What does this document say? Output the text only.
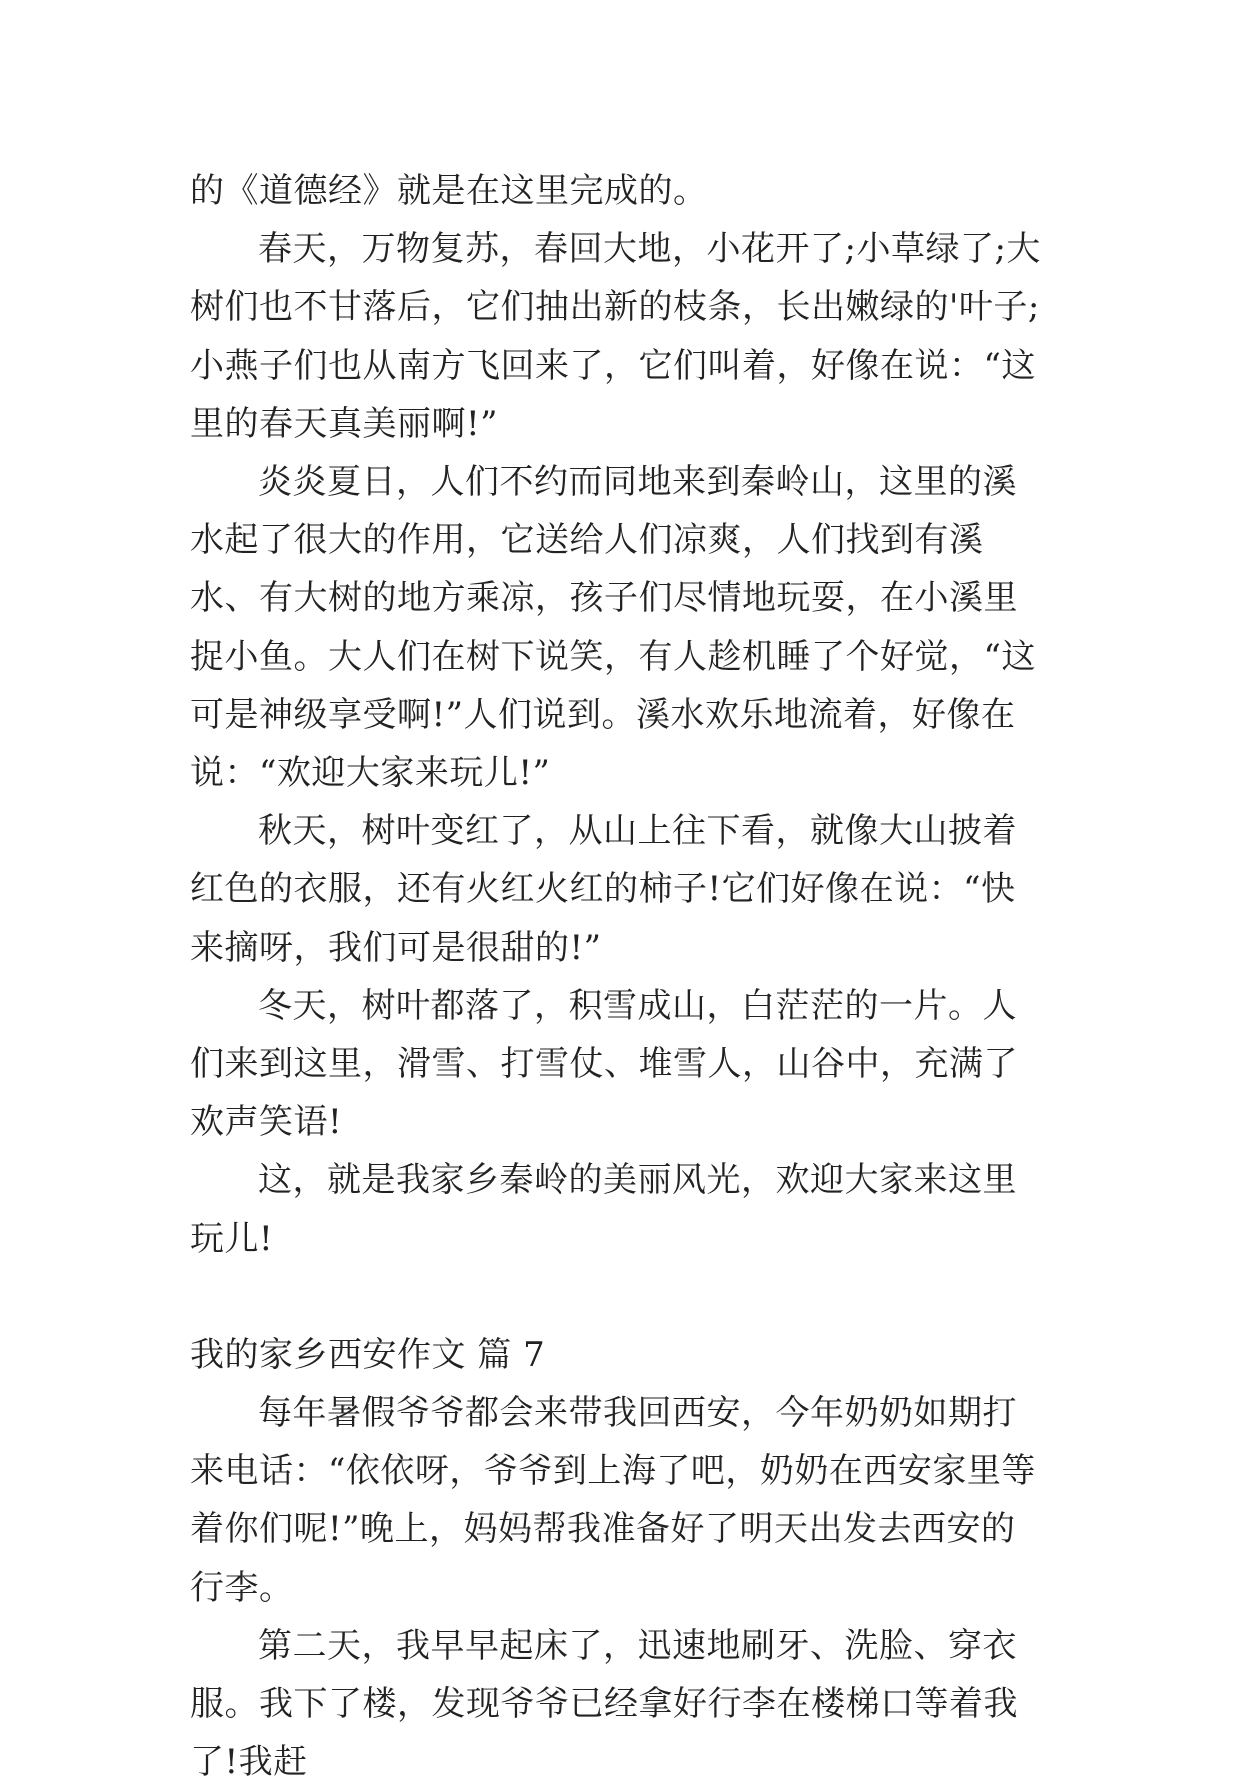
的《道德经》就是在这里完成的。

春天，万物复苏，春回大地，小花开了;小草绿了;大树们也不甘落后，它们抽出新的枝条，长出嫩绿的'叶子;小燕子们也从南方飞回来了，它们叫着，好像在说：“这里的春天真美丽啊!”

炎炎夏日，人们不约而同地来到秦岭山，这里的溪水起了很大的作用，它送给人们凉爽，人们找到有溪水、有大树的地方乘凉，孩子们尽情地玩耍，在小溪里捉小鱼。大人们在树下说笑，有人趁机睡了个好觉，“这可是神级享受啊!”人们说到。溪水欢乐地流着，好像在说：“欢迎大家来玩儿!”

秋天，树叶变红了，从山上往下看，就像大山披着红色的衣服，还有火红火红的柿子!它们好像在说：“快来摘呀，我们可是很甜的!”

冬天，树叶都落了，积雪成山，白茫茫的一片。人们来到这里，滑雪、打雪仗、堆雪人，山谷中，充满了欢声笑语!

这，就是我家乡秦岭的美丽风光，欢迎大家来这里玩儿!

我的家乡西安作文 篇 7

每年暑假爷爷都会来带我回西安，今年奶奶如期打来电话：“依依呀，爷爷到上海了吧，奶奶在西安家里等着你们呢!”晚上，妈妈帮我准备好了明天出发去西安的行李。

第二天，我早早起床了，迅速地刷牙、洗脸、穿衣服。我下了楼，发现爷爷已经拿好行李在楼梯口等着我了!我赶
